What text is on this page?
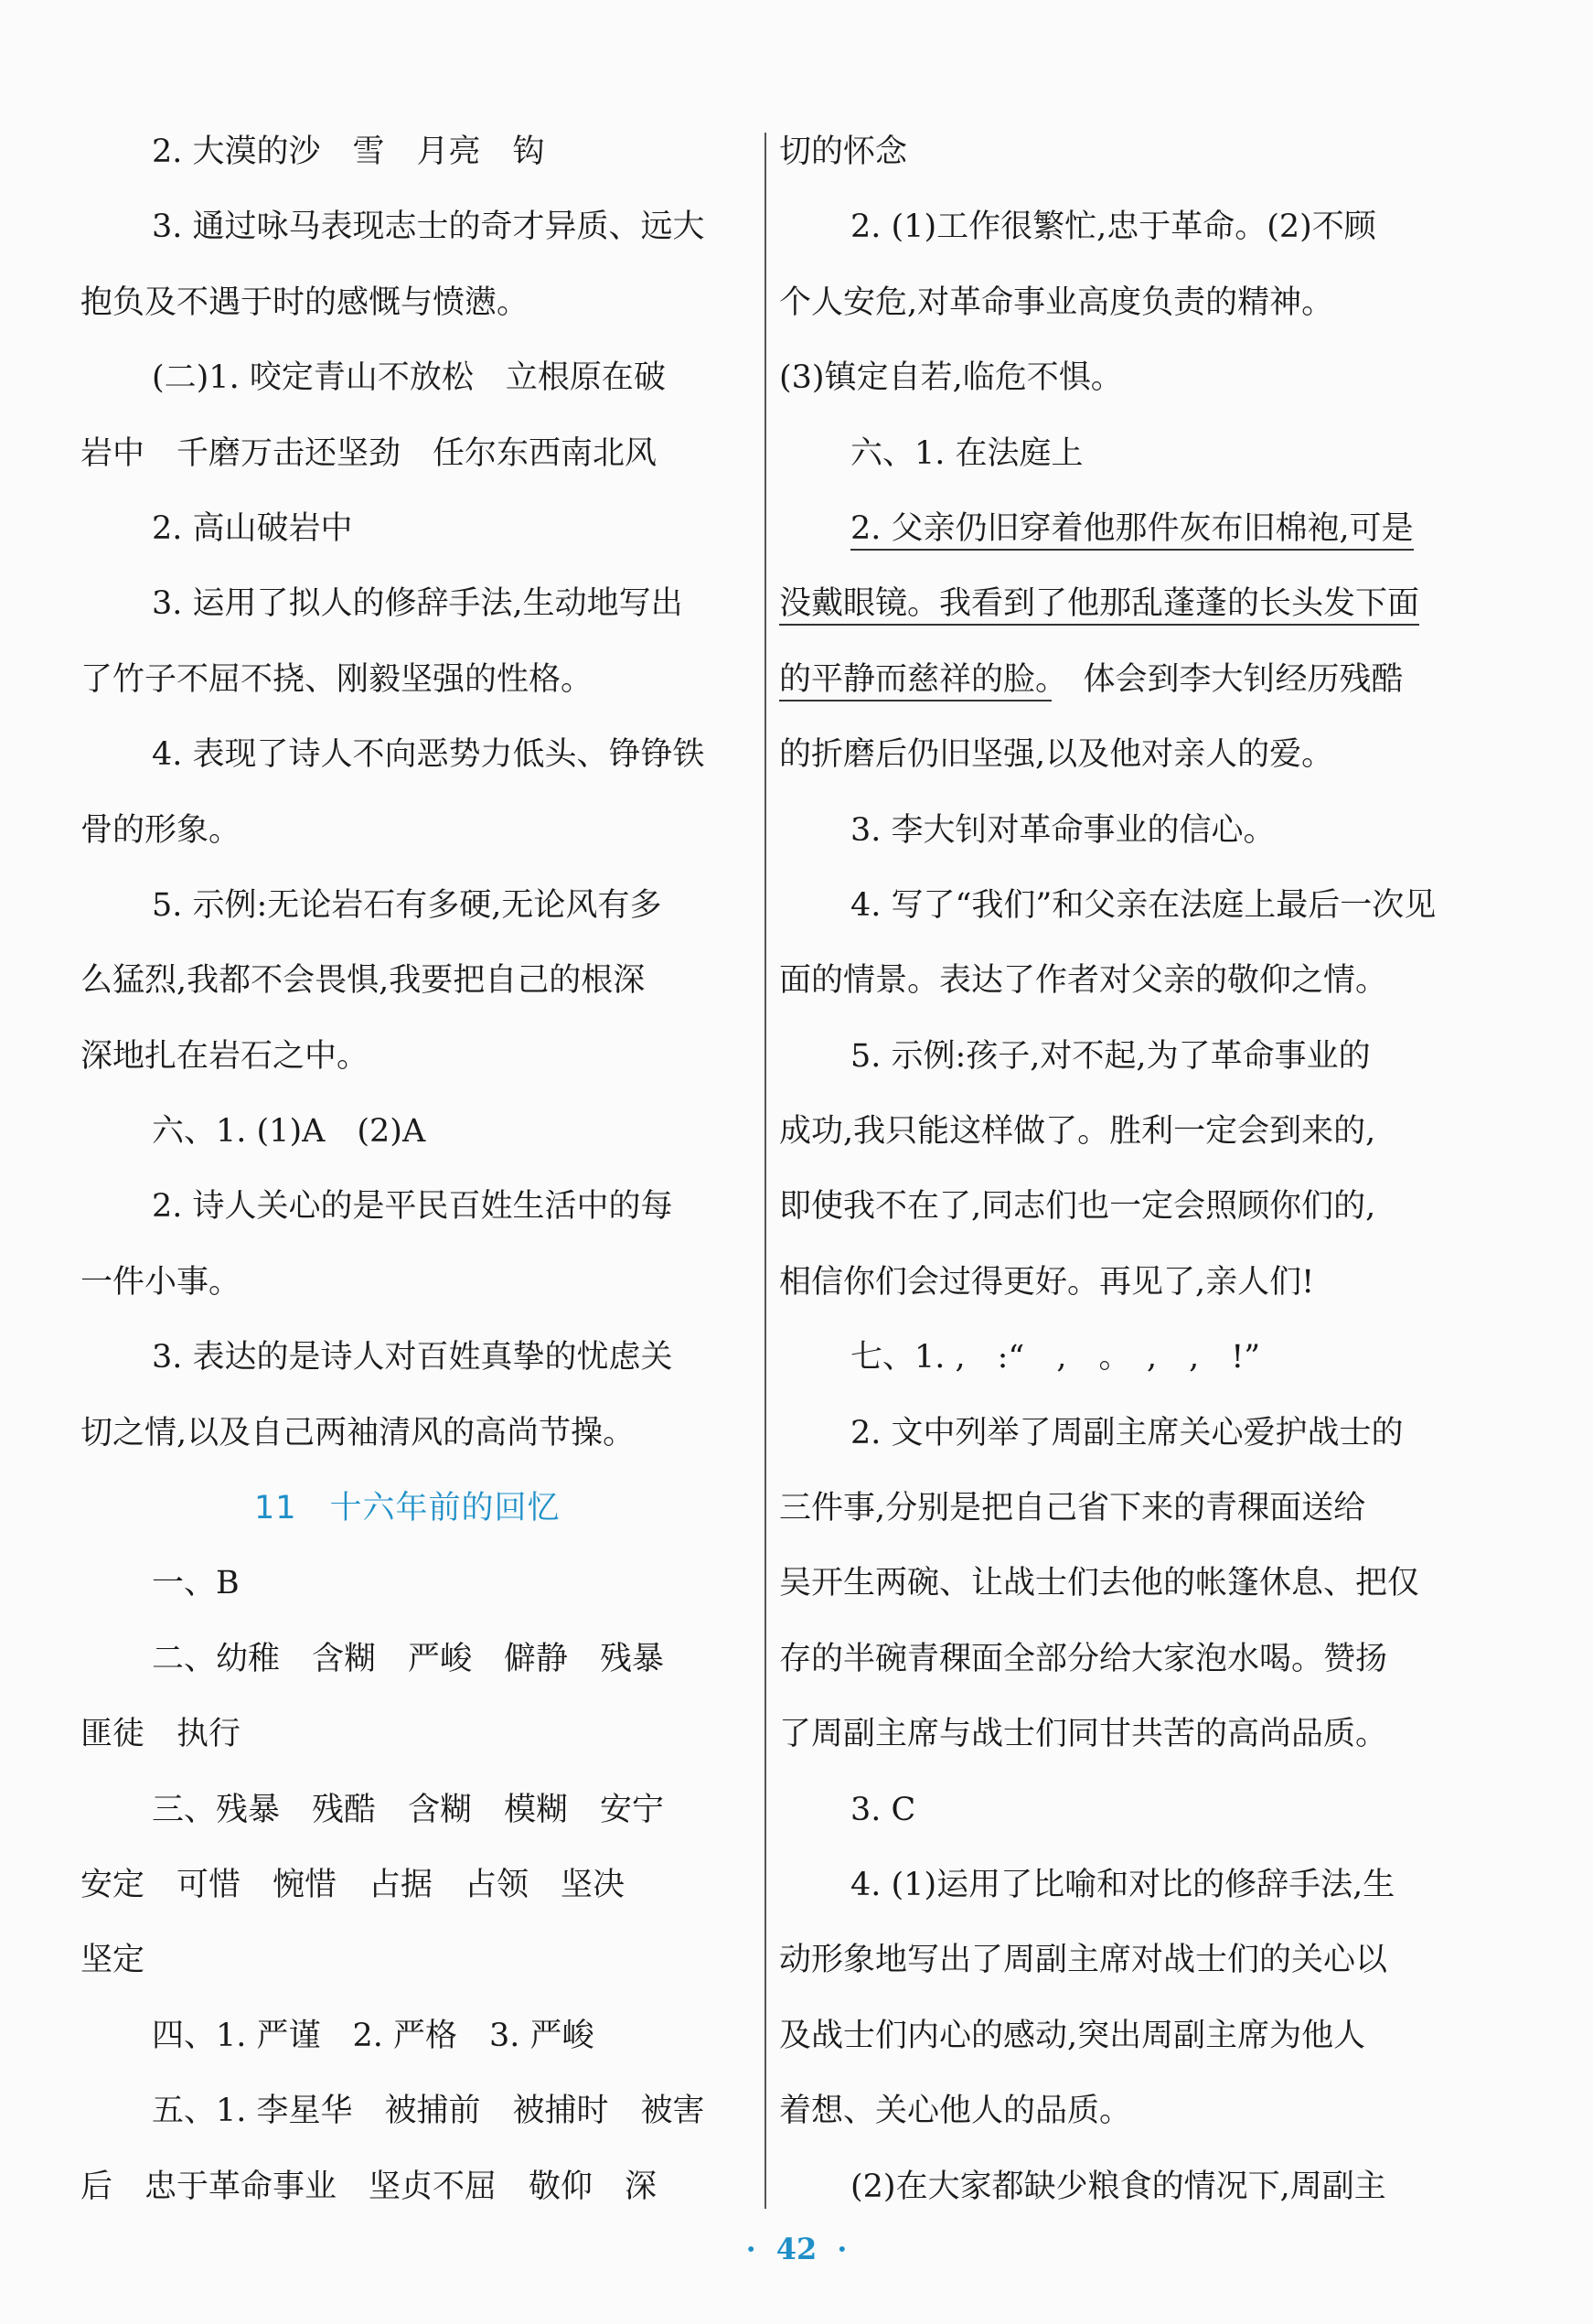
2. 大漠的沙　雪　月亮　钩
3. 通过咏马表现志士的奇才异质、远大
抱负及不遇于时的感慨与愤懑。
(二)1. 咬定青山不放松　立根原在破
岩中　千磨万击还坚劲　任尔东西南北风
2. 高山破岩中
3. 运用了拟人的修辞手法,生动地写出
了竹子不屈不挠、刚毅坚强的性格。
4. 表现了诗人不向恶势力低头、铮铮铁
骨的形象。
5. 示例:无论岩石有多硬,无论风有多
么猛烈,我都不会畏惧,我要把自己的根深
深地扎在岩石之中。
六、1. (1)A　(2)A
2. 诗人关心的是平民百姓生活中的每
一件小事。
3. 表达的是诗人对百姓真挚的忧虑关
切之情,以及自己两袖清风的高尚节操。
11　十六年前的回忆
一、B
二、幼稚　含糊　严峻　僻静　残暴
匪徒　执行
三、残暴　残酷　含糊　模糊　安宁
安定　可惜　惋惜　占据　占领　坚决
坚定
四、1. 严谨　2. 严格　3. 严峻
五、1. 李星华　被捕前　被捕时　被害
后　忠于革命事业　坚贞不屈　敬仰　深
切的怀念
2. (1)工作很繁忙,忠于革命。(2)不顾
个人安危,对革命事业高度负责的精神。
(3)镇定自若,临危不惧。
六、1. 在法庭上
2. 父亲仍旧穿着他那件灰布旧棉袍,可是
没戴眼镜。我看到了他那乱蓬蓬的长头发下面
的平静而慈祥的脸。　体会到李大钊经历残酷
的折磨后仍旧坚强,以及他对亲人的爱。
3. 李大钊对革命事业的信心。
4. 写了“我们”和父亲在法庭上最后一次见
面的情景。表达了作者对父亲的敬仰之情。
5. 示例:孩子,对不起,为了革命事业的
成功,我只能这样做了。胜利一定会到来的,
即使我不在了,同志们也一定会照顾你们的,
相信你们会过得更好。再见了,亲人们!
七、1. ,　:“　,　。　,　,　!”
2. 文中列举了周副主席关心爱护战士的
三件事,分别是把自己省下来的青稞面送给
吴开生两碗、让战士们去他的帐篷休息、把仅
存的半碗青稞面全部分给大家泡水喝。赞扬
了周副主席与战士们同甘共苦的高尚品质。
3. C
4. (1)运用了比喻和对比的修辞手法,生
动形象地写出了周副主席对战士们的关心以
及战士们内心的感动,突出周副主席为他人
着想、关心他人的品质。
(2)在大家都缺少粮食的情况下,周副主
· 42 ·
